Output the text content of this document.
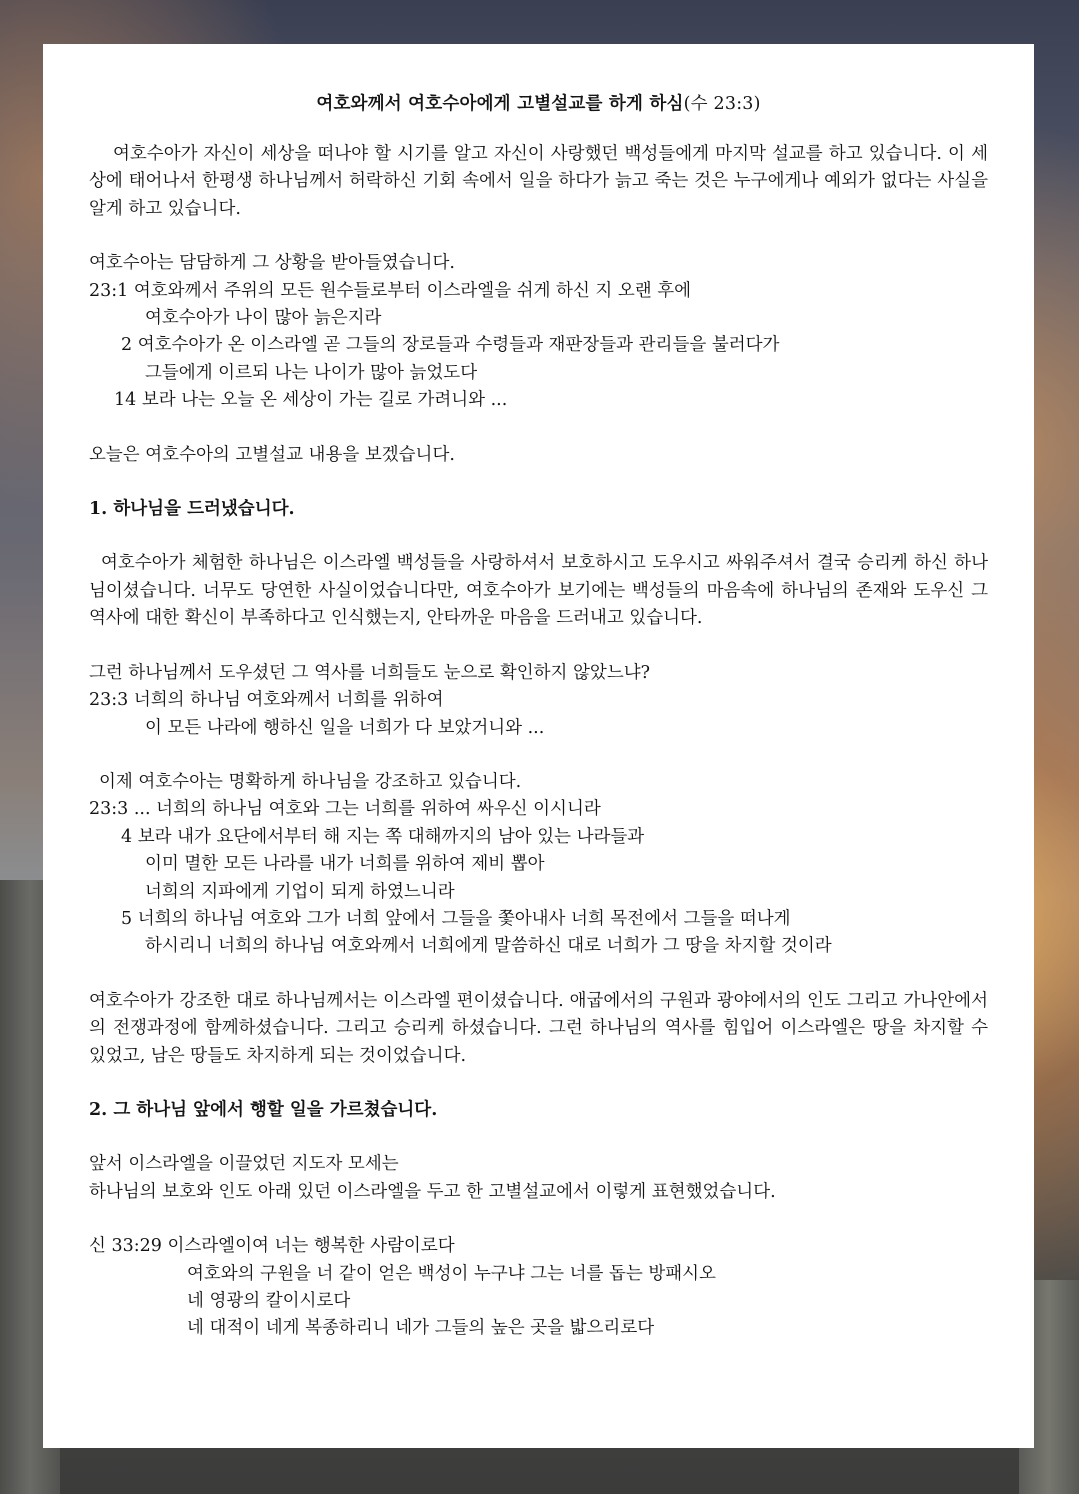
여호와께서 여호수아에게 고별설교를 하게 하심(수 23:3)

여호수아가 자신이 세상을 떠나야 할 시기를 알고 자신이 사랑했던 백성들에게 마지막 설교를 하고 있습니다. 이 세상에 태어나서 한평생 하나님께서 허락하신 기회 속에서 일을 하다가 늙고 죽는 것은 누구에게나 예외가 없다는 사실을 알게 하고 있습니다.

여호수아는 담담하게 그 상황을 받아들였습니다.
23:1 여호와께서 주위의 모든 원수들로부터 이스라엘을 쉬게 하신 지 오랜 후에
여호수아가 나이 많아 늙은지라
2 여호수아가 온 이스라엘 곧 그들의 장로들과 수령들과 재판장들과 관리들을 불러다가
그들에게 이르되 나는 나이가 많아 늙었도다
14 보라 나는 오늘 온 세상이 가는 길로 가려니와 ...

오늘은 여호수아의 고별설교 내용을 보겠습니다.

1. 하나님을 드러냈습니다.

여호수아가 체험한 하나님은 이스라엘 백성들을 사랑하셔서 보호하시고 도우시고 싸워주셔서 결국 승리케 하신 하나님이셨습니다. 너무도 당연한 사실이었습니다만, 여호수아가 보기에는 백성들의 마음속에 하나님의 존재와 도우신 그 역사에 대한 확신이 부족하다고 인식했는지, 안타까운 마음을 드러내고 있습니다.

그런 하나님께서 도우셨던 그 역사를 너희들도 눈으로 확인하지 않았느냐?
23:3 너희의 하나님 여호와께서 너희를 위하여
이 모든 나라에 행하신 일을 너희가 다 보았거니와 ...
이제 여호수아는 명확하게 하나님을 강조하고 있습니다.
23:3 ... 너희의 하나님 여호와 그는 너희를 위하여 싸우신 이시니라
4 보라 내가 요단에서부터 해 지는 쪽 대해까지의 남아 있는 나라들과
이미 멸한 모든 나라를 내가 너희를 위하여 제비 뽑아
너희의 지파에게 기업이 되게 하였느니라
5 너희의 하나님 여호와 그가 너희 앞에서 그들을 쫓아내사 너희 목전에서 그들을 떠나게
하시리니 너희의 하나님 여호와께서 너희에게 말씀하신 대로 너희가 그 땅을 차지할 것이라

여호수아가 강조한 대로 하나님께서는 이스라엘 편이셨습니다. 애굽에서의 구원과 광야에서의 인도 그리고 가나안에서의 전쟁과정에 함께하셨습니다. 그리고 승리케 하셨습니다. 그런 하나님의 역사를 힘입어 이스라엘은 땅을 차지할 수 있었고, 남은 땅들도 차지하게 되는 것이었습니다.

2. 그 하나님 앞에서 행할 일을 가르쳤습니다.
앞서 이스라엘을 이끌었던 지도자 모세는
하나님의 보호와 인도 아래 있던 이스라엘을 두고 한 고별설교에서 이렇게 표현했었습니다.
신 33:29 이스라엘이여 너는 행복한 사람이로다
여호와의 구원을 너 같이 얻은 백성이 누구냐 그는 너를 돕는 방패시오
네 영광의 칼이시로다
네 대적이 네게 복종하리니 네가 그들의 높은 곳을 밟으리로다
